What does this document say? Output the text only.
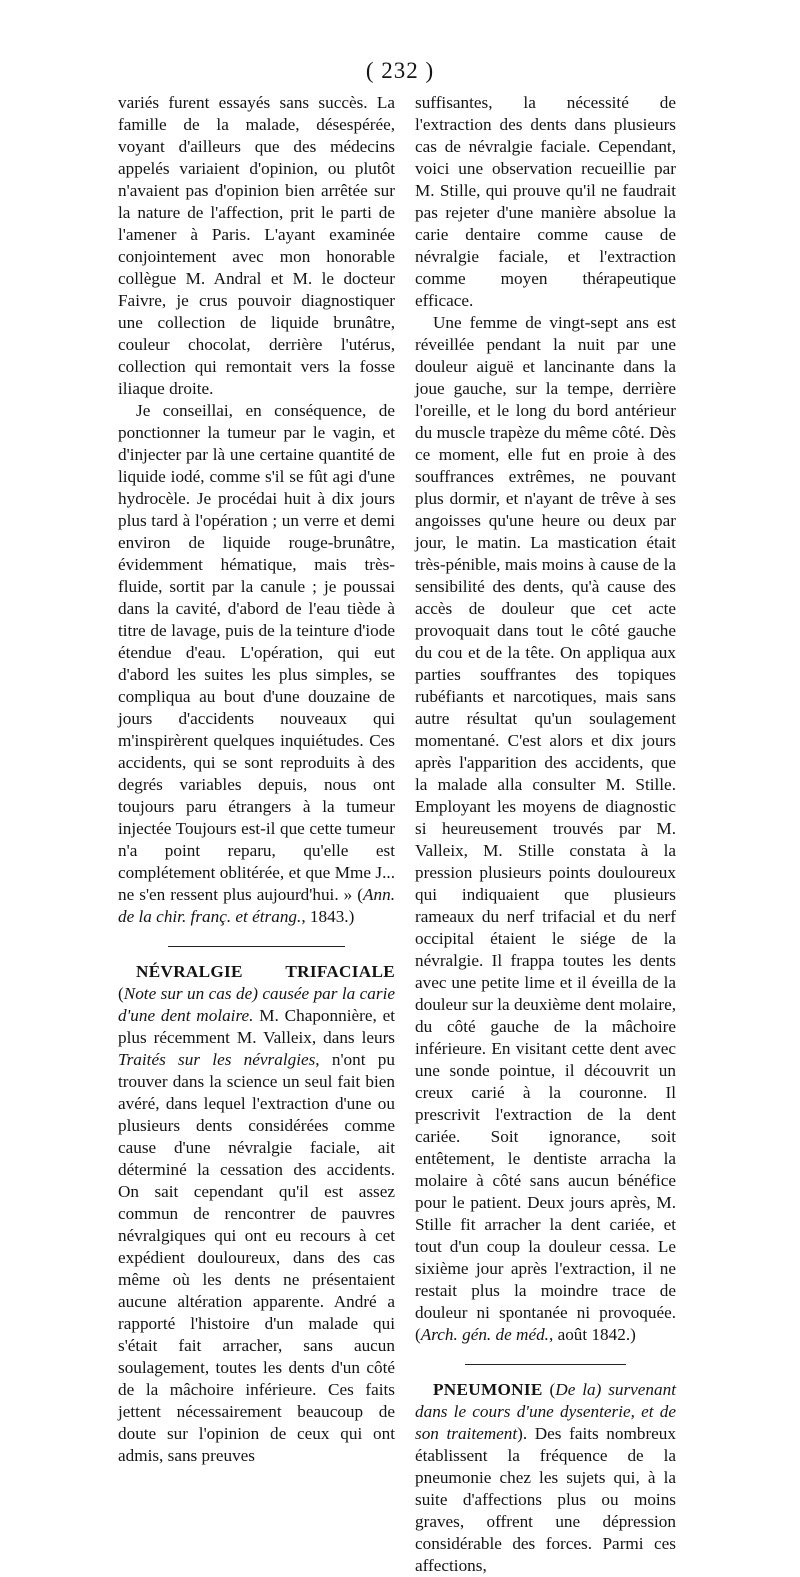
( 232 )

variés furent essayés sans succès. La famille de la malade, désespérée, voyant d'ailleurs que des médecins appelés variaient d'opinion, ou plutôt n'avaient pas d'opinion bien arrêtée sur la nature de l'affection, prit le parti de l'amener à Paris. L'ayant examinée conjointement avec mon honorable collègue M. Andral et M. le docteur Faivre, je crus pouvoir diagnostiquer une collection de liquide brunâtre, couleur chocolat, derrière l'utérus, collection qui remontait vers la fosse iliaque droite.

Je conseillai, en conséquence, de ponctionner la tumeur par le vagin, et d'injecter par là une certaine quantité de liquide iodé, comme s'il se fût agi d'une hydrocèle. Je procédai huit à dix jours plus tard à l'opération ; un verre et demi environ de liquide rouge-brunâtre, évidemment hématique, mais très-fluide, sortit par la canule ; je poussai dans la cavité, d'abord de l'eau tiède à titre de lavage, puis de la teinture d'iode étendue d'eau. L'opération, qui eut d'abord les suites les plus simples, se compliqua au bout d'une douzaine de jours d'accidents nouveaux qui m'inspirèrent quelques inquiétudes. Ces accidents, qui se sont reproduits à des degrés variables depuis, nous ont toujours paru étrangers à la tumeur injectée Toujours est-il que cette tumeur n'a point reparu, qu'elle est complétement oblitérée, et que Mme J... ne s'en ressent plus aujourd'hui. » (Ann. de la chir. franç. et étrang., 1843.)

NÉVRALGIE TRIFACIALE (Note sur un cas de) causée par la carie d'une dent molaire. M. Chaponnière, et plus récemment M. Valleix, dans leurs Traités sur les névralgies, n'ont pu trouver dans la science un seul fait bien avéré, dans lequel l'extraction d'une ou plusieurs dents considérées comme cause d'une névralgie faciale, ait déterminé la cessation des accidents. On sait cependant qu'il est assez commun de rencontrer de pauvres névralgiques qui ont eu recours à cet expédient douloureux, dans des cas même où les dents ne présentaient aucune altération apparente. André a rapporté l'histoire d'un malade qui s'était fait arracher, sans aucun soulagement, toutes les dents d'un côté de la mâchoire inférieure. Ces faits jettent nécessairement beaucoup de doute sur l'opinion de ceux qui ont admis, sans preuves

suffisantes, la nécessité de l'extraction des dents dans plusieurs cas de névralgie faciale. Cependant, voici une observation recueillie par M. Stille, qui prouve qu'il ne faudrait pas rejeter d'une manière absolue la carie dentaire comme cause de névralgie faciale, et l'extraction comme moyen thérapeutique efficace.

Une femme de vingt-sept ans est réveillée pendant la nuit par une douleur aiguë et lancinante dans la joue gauche, sur la tempe, derrière l'oreille, et le long du bord antérieur du muscle trapèze du même côté. Dès ce moment, elle fut en proie à des souffrances extrêmes, ne pouvant plus dormir, et n'ayant de trêve à ses angoisses qu'une heure ou deux par jour, le matin. La mastication était très-pénible, mais moins à cause de la sensibilité des dents, qu'à cause des accès de douleur que cet acte provoquait dans tout le côté gauche du cou et de la tête. On appliqua aux parties souffrantes des topiques rubéfiants et narcotiques, mais sans autre résultat qu'un soulagement momentané. C'est alors et dix jours après l'apparition des accidents, que la malade alla consulter M. Stille. Employant les moyens de diagnostic si heureusement trouvés par M. Valleix, M. Stille constata à la pression plusieurs points douloureux qui indiquaient que plusieurs rameaux du nerf trifacial et du nerf occipital étaient le siége de la névralgie. Il frappa toutes les dents avec une petite lime et il éveilla de la douleur sur la deuxième dent molaire, du côté gauche de la mâchoire inférieure. En visitant cette dent avec une sonde pointue, il découvrit un creux carié à la couronne. Il prescrivit l'extraction de la dent cariée. Soit ignorance, soit entêtement, le dentiste arracha la molaire à côté sans aucun bénéfice pour le patient. Deux jours après, M. Stille fit arracher la dent cariée, et tout d'un coup la douleur cessa. Le sixième jour après l'extraction, il ne restait plus la moindre trace de douleur ni spontanée ni provoquée. (Arch. gén. de méd., août 1842.)

PNEUMONIE (De la) survenant dans le cours d'une dysenterie, et de son traitement). Des faits nombreux établissent la fréquence de la pneumonie chez les sujets qui, à la suite d'affections plus ou moins graves, offrent une dépression considérable des forces. Parmi ces affections,
